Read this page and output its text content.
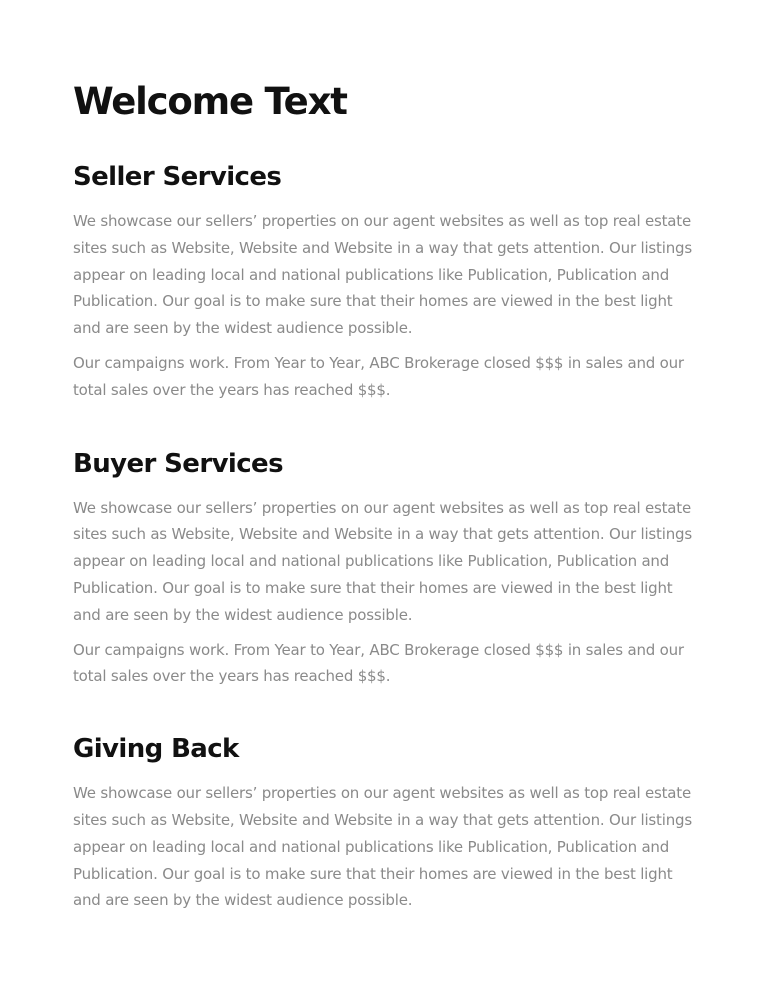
Welcome Text
Seller Services

We showcase our sellers’ properties on our agent websites as well as top real estate sites such as Website, Website and Website in a way that gets attention. Our listings appear on leading local and national publications like Publication, Publication and Publication. Our goal is to make sure that their homes are viewed in the best light and are seen by the widest audience possible.

Our campaigns work. From Year to Year, ABC Brokerage closed $$$ in sales and our total sales over the years has reached $$$.

Buyer Services

We showcase our sellers’ properties on our agent websites as well as top real estate sites such as Website, Website and Website in a way that gets attention. Our listings appear on leading local and national publications like Publication, Publication and Publication. Our goal is to make sure that their homes are viewed in the best light and are seen by the widest audience possible.

Our campaigns work. From Year to Year, ABC Brokerage closed $$$ in sales and our total sales over the years has reached $$$.

Giving Back

We showcase our sellers’ properties on our agent websites as well as top real estate sites such as Website, Website and Website in a way that gets attention. Our listings appear on leading local and national publications like Publication, Publication and Publication. Our goal is to make sure that their homes are viewed in the best light and are seen by the widest audience possible.
